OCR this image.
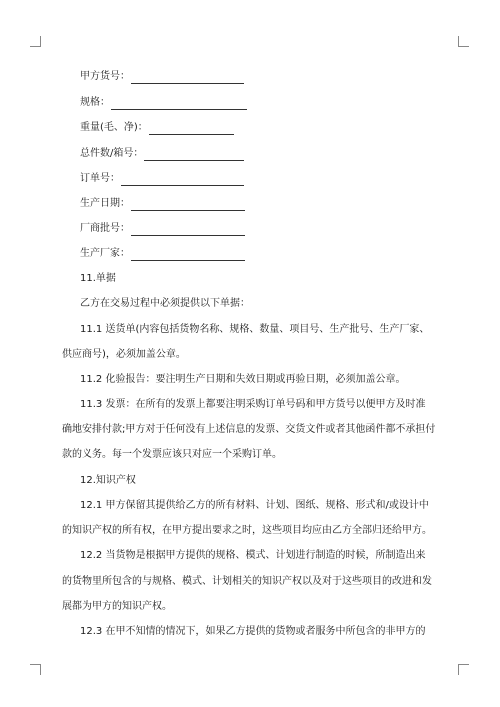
甲方货号：
规格：
重量(毛、净)：
总件数/箱号：
订单号：
生产日期：
厂商批号：
生产厂家：
11.单据
乙方在交易过程中必须提供以下单据：
11.1 送货单(内容包括货物名称、规格、数量、项目号、生产批号、生产厂家、
供应商号)，必须加盖公章。
11.2 化验报告：要注明生产日期和失效日期或再验日期，必须加盖公章。
11.3 发票：在所有的发票上都要注明采购订单号码和甲方货号以便甲方及时准
确地安排付款;甲方对于任何没有上述信息的发票、交货文件或者其他函件都不承担付
款的义务。每一个发票应该只对应一个采购订单。
12.知识产权
12.1 甲方保留其提供给乙方的所有材料、计划、图纸、规格、形式和/或设计中
的知识产权的所有权，在甲方提出要求之时，这些项目均应由乙方全部归还给甲方。
12.2 当货物是根据甲方提供的规格、模式、计划进行制造的时候，所制造出来
的货物里所包含的与规格、模式、计划相关的知识产权以及对于这些项目的改进和发
展都为甲方的知识产权。
12.3 在甲不知情的情况下，如果乙方提供的货物或者服务中所包含的非甲方的
